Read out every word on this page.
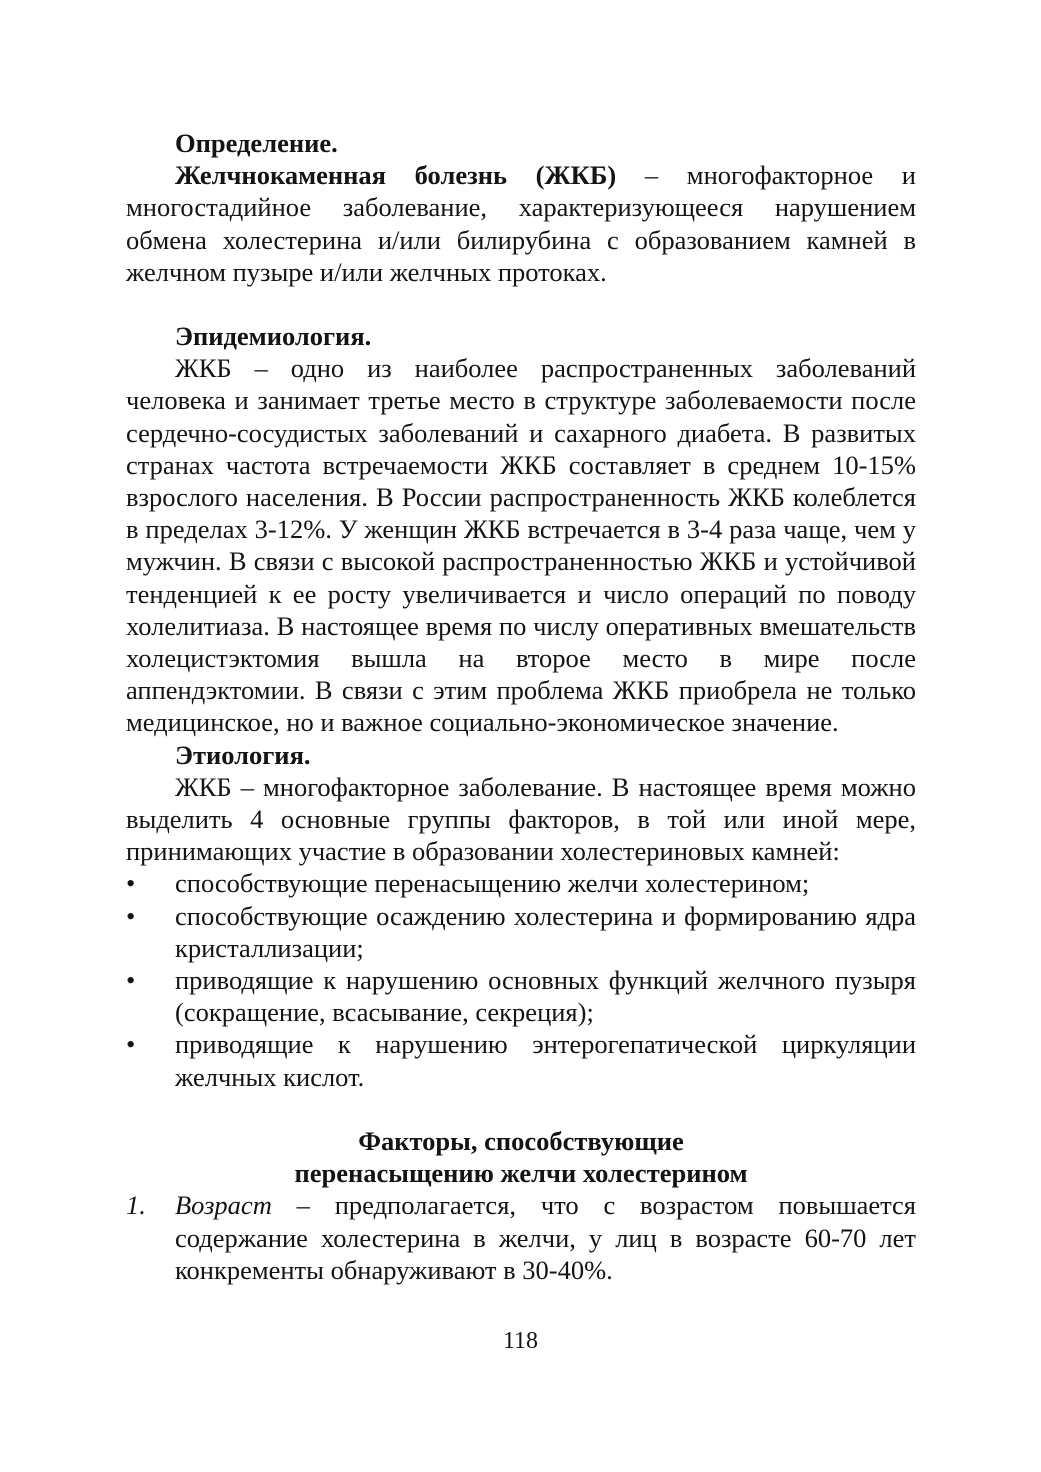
Определение.

Желчнокаменная болезнь (ЖКБ) – многофакторное и многостадийное заболевание, характеризующееся нарушением обмена холестерина и/или билирубина с образованием камней в желчном пузыре и/или желчных протоках.

Эпидемиология.

ЖКБ – одно из наиболее распространенных заболеваний человека и занимает третье место в структуре заболеваемости после сердечно-сосудистых заболеваний и сахарного диабета. В развитых странах частота встречаемости ЖКБ составляет в среднем 10-15% взрослого населения. В России распространенность ЖКБ колеблется в пределах 3-12%. У женщин ЖКБ встречается в 3-4 раза чаще, чем у мужчин. В связи с высокой распространенностью ЖКБ и устойчивой тенденцией к ее росту увеличивается и число операций по поводу холелитиаза. В настоящее время по числу оперативных вмешательств холецистэктомия вышла на второе место в мире после аппендэктомии. В связи с этим проблема ЖКБ приобрела не только медицинское, но и важное социально-экономическое значение.

Этиология.

ЖКБ – многофакторное заболевание. В настоящее время можно выделить 4 основные группы факторов, в той или иной мере, принимающих участие в образовании холестериновых камней:

•	способствующие перенасыщению желчи холестерином;
•	способствующие осаждению холестерина и формированию ядра кристаллизации;
•	приводящие к нарушению основных функций желчного пузыря (сокращение, всасывание, секреция);
•	приводящие к нарушению энтерогепатической циркуляции желчных кислот.

Факторы, способствующие

перенасыщению желчи холестерином

1. Возраст – предполагается, что с возрастом повышается содержание холестерина в желчи, у лиц в возрасте 60-70 лет конкременты обнаруживают в 30-40%.
118
